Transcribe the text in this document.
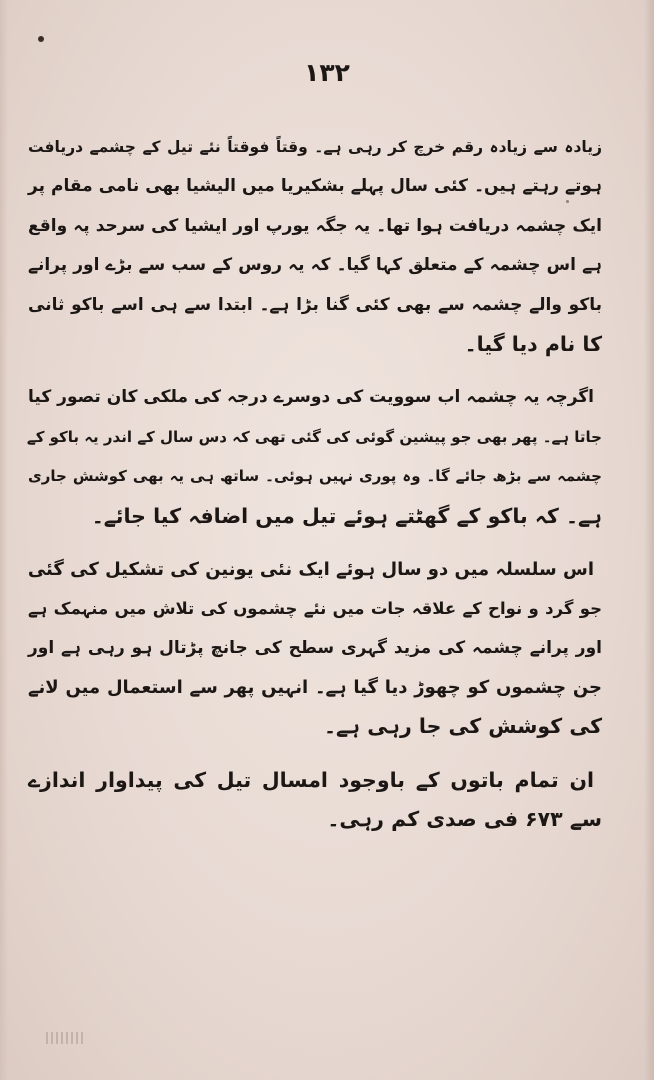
۱۳۲
زیادہ سے زیادہ رقم خرچ کر رہی ہے۔ وقتاً فوقتاً نئے تیل کے چشمے دریافت
ہوتے رہتے ہیں۔ کئی سال پہلے بشکیریا میں الیشیا بھی نامی مقام پر
ایک چشمہ دریافت ہوا تھا۔ یہ جگہ یورپ اور ایشیا کی سرحد پہ واقع
ہے اس چشمہ کے متعلق کہا گیا۔ کہ یہ روس کے سب سے بڑے اور پرانے
باکو والے چشمہ سے بھی کئی گنا بڑا ہے۔ ابتدا سے ہی اسے باکو ثانی
کا نام دیا گیا۔
اگرچہ یہ چشمہ اب سوویت کی دوسرے درجہ کی ملکی کان تصور کیا
جاتا ہے۔ پھر بھی جو پیشین گوئی کی گئی تھی کہ دس سال کے اندر یہ باکو کے
چشمہ سے بڑھ جائے گا۔ وہ پوری نہیں ہوئی۔ ساتھ ہی یہ بھی کوشش جاری
ہے۔ کہ باکو کے گھٹتے ہوئے تیل میں اضافہ کیا جائے۔
اس سلسلہ میں دو سال ہوئے ایک نئی یونین کی تشکیل کی گئی
جو گرد و نواح کے علاقہ جات میں نئے چشموں کی تلاش میں منہمک ہے
اور پرانے چشمہ کی مزید گہری سطح کی جانچ پڑتال ہو رہی ہے اور
جن چشموں کو چھوڑ دیا گیا ہے۔ انہیں پھر سے استعمال میں لانے
کی کوشش کی جا رہی ہے۔
ان تمام باتوں کے باوجود امسال تیل کی پیداوار اندازے
سے ۶۷۳ فی صدی کم رہی۔
